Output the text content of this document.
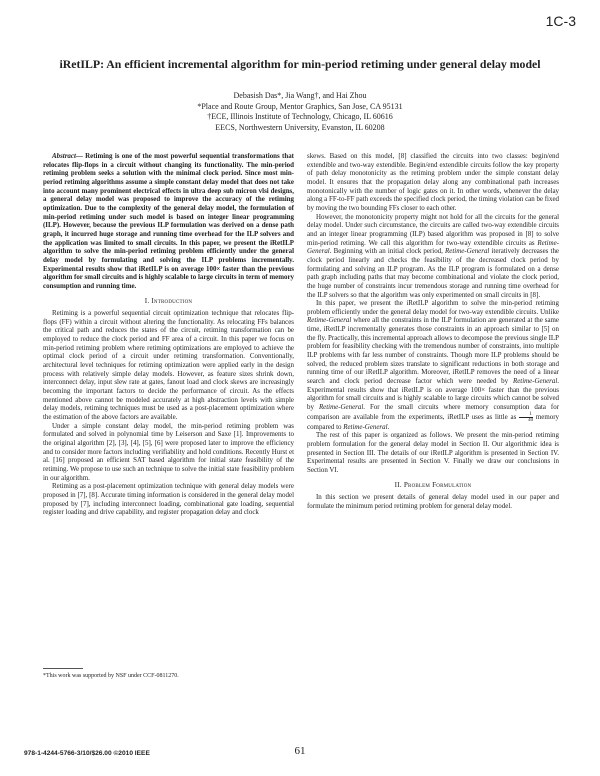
1C-3
iRetILP: An efficient incremental algorithm for min-period retiming under general delay model
Debasish Das*, Jia Wang†, and Hai Zhou
*Place and Route Group, Mentor Graphics, San Jose, CA 95131
†ECE, Illinois Institute of Technology, Chicago, IL 60616
EECS, Northwestern University, Evanston, IL 60208

Abstract— Retiming is one of the most powerful sequential transformations that relocates flip-flops in a circuit without changing its functionality. The min-period retiming problem seeks a solution with the minimal clock period. Since most min-period retiming algorithms assume a simple constant delay model that does not take into account many prominent electrical effects in ultra deep sub micron vlsi designs, a general delay model was proposed to improve the accuracy of the retiming optimization. Due to the complexity of the general delay model, the formulation of min-period retiming under such model is based on integer linear programming (ILP). However, because the previous ILP formulation was derived on a dense path graph, it incurred huge storage and running time overhead for the ILP solvers and the application was limited to small circuits. In this paper, we present the iRetILP algorithm to solve the min-period retiming problem efficiently under the general delay model by formulating and solving the ILP problems incrementally. Experimental results show that iRetILP is on average 100× faster than the previous algorithm for small circuits and is highly scalable to large circuits in term of memory consumption and running time.

I. Introduction

Retiming is a powerful sequential circuit optimization technique that relocates flip-flops (FF) within a circuit without altering the functionality. As relocating FFs balances the critical path and reduces the states of the circuit, retiming transformation can be employed to reduce the clock period and FF area of a circuit. In this paper we focus on min-period retiming problem where retiming optimizations are employed to achieve the optimal clock period of a circuit under retiming transformation. Conventionally, architectural level techniques for retiming optimization were applied early in the design process with relatively simple delay models. However, as feature sizes shrink down, interconnect delay, input slew rate at gates, fanout load and clock skews are increasingly becoming the important factors to decide the performance of circuit. As the effects mentioned above cannot be modeled accurately at high abstraction levels with simple delay models, retiming techniques must be used as a post-placement optimization where the estimation of the above factors are available.

Under a simple constant delay model, the min-period retiming problem was formulated and solved in polynomial time by Leiserson and Saxe [1]. Improvements to the original algorithm [2], [3], [4], [5], [6] were proposed later to improve the efficiency and to consider more factors including verifiability and hold conditions. Recently Hurst et al. [16] proposed an efficient SAT based algorithm for initial state feasibility of the retiming. We propose to use such an technique to solve the initial state feasibility problem in our algorithm.

Retiming as a post-placement optimization technique with general delay models were proposed in [7], [8]. Accurate timing information is considered in the general delay model proposed by [7], including interconnect loading, combinational gate loading, sequential register loading and drive capability, and register propagation delay and clock

*This work was supported by NSF under CCF-0811270.

skews. Based on this model, [8] classified the circuits into two classes: begin/end extendible and two-way extendible. Begin/end extendible circuits follow the key property of path delay monotonicity as the retiming problem under the simple constant delay model. It ensures that the propagation delay along any combinational path increases monotonically with the number of logic gates on it. In other words, whenever the delay along a FF-to-FF path exceeds the specified clock period, the timing violation can be fixed by moving the two bounding FFs closer to each other.

However, the monotonicity property might not hold for all the circuits for the general delay model. Under such circumstance, the circuits are called two-way extendible circuits and an integer linear programming (ILP) based algorithm was proposed in [8] to solve min-period retiming. We call this algorithm for two-way extendible circuits as Retime-General. Beginning with an initial clock period, Retime-General iteratively decreases the clock period linearly and checks the feasibility of the decreased clock period by formulating and solving an ILP program. As the ILP program is formulated on a dense path graph including paths that may become combinational and violate the clock period, the huge number of constraints incur tremendous storage and running time overhead for the ILP solvers so that the algorithm was only experimented on small circuits in [8].

In this paper, we present the iRetILP algorithm to solve the min-period retiming problem efficiently under the general delay model for two-way extendible circuits. Unlike Retime-General where all the constraints in the ILP formulation are generated at the same time, iRetILP incrementally generates those constraints in an approach similar to [5] on the fly. Practically, this incremental approach allows to decompose the previous single ILP problem for feasibility checking with the tremendous number of constraints, into multiple ILP problems with far less number of constraints. Though more ILP problems should be solved, the reduced problem sizes translate to significant reductions in both storage and running time of our iRetILP algorithm. Moreover, iRetILP removes the need of a linear search and clock period decrease factor which were needed by Retime-General. Experimental results show that iRetILP is on average 100× faster than the previous algorithm for small circuits and is highly scalable to large circuits which cannot be solved by Retime-General. For the small circuits where memory consumption data for comparison are available from the experiments, iRetILP uses as little as $\frac{1}{40}$ memory compared to Retime-General.

The rest of this paper is organized as follows. We present the min-period retiming problem formulation for the general delay model in Section II. Our algorithmic idea is presented in Section III. The details of our iRetILP algorithm is presented in Section IV. Experimental results are presented in Section V. Finally we draw our conclusions in Section VI.

II. Problem Formulation

In this section we present details of general delay model used in our paper and formulate the minimum period retiming problem for general delay model.

978-1-4244-5766-3/10/$26.00 ©2010 IEEE	61
